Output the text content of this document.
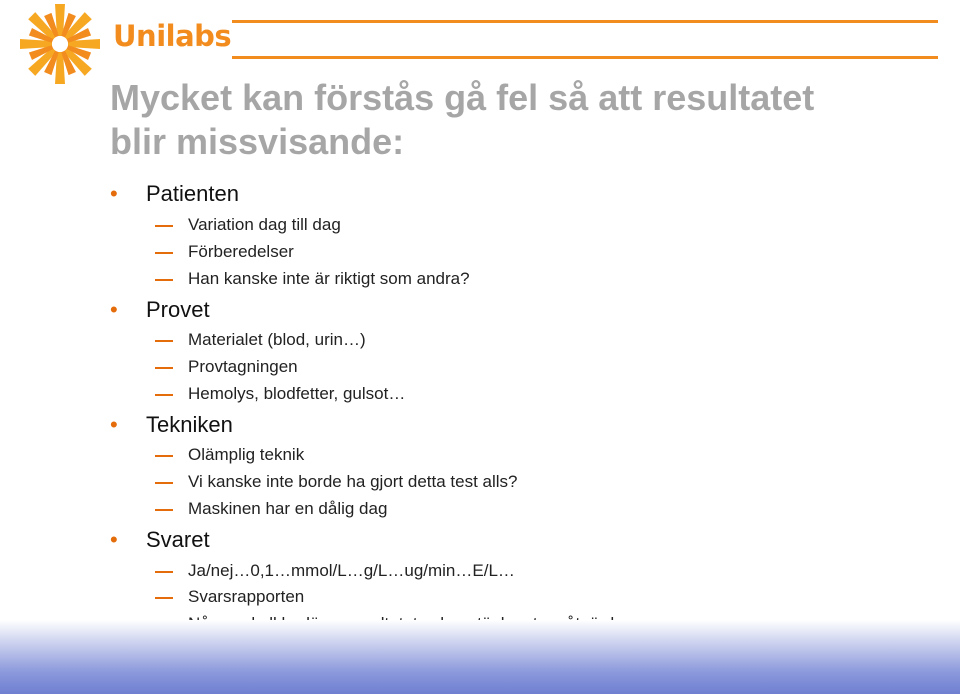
Unilabs
Mycket kan förstås gå fel så att resultatet
blir missvisande:
• Patienten
Variation dag till dag
Förberedelser
Han kanske inte är riktigt som andra?
• Provet
Materialet (blod, urin…)
Provtagningen
Hemolys, blodfetter, gulsot…
• Tekniken
Olämplig teknik
Vi kanske inte borde ha gjort detta test alls?
Maskinen har en dålig dag
• Svaret
Ja/nej…0,1…mmol/L…g/L…ug/min…E/L…
Svarsrapporten
